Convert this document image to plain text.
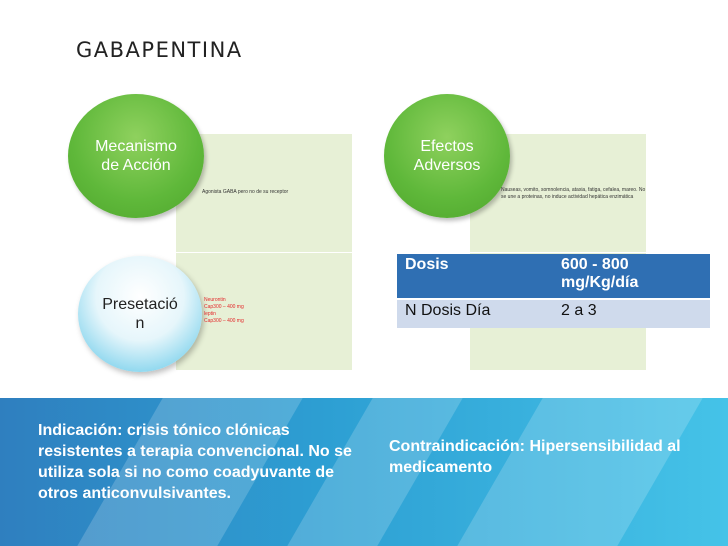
GABAPENTINA
Mecanismo
de Acción
Agonista GABA pero no de su receptor
Presetació
n
Neurontin
Cap300 – 400 mg
leptin
Cap300 – 400 mg
Efectos
Adversos
Nauseas, vomito, somnolencia, ataxia, fatiga, cefalea, mareo. No se une a proteinas, no induce actividad hepática enzimática
Dosis	600 - 800 mg/Kg/día
N Dosis Día	2 a 3
Indicación: crisis tónico clónicas resistentes a terapia convencional. No se utiliza sola si no como coadyuvante de otros anticonvulsivantes.
Contraindicación: Hipersensibilidad al medicamento
